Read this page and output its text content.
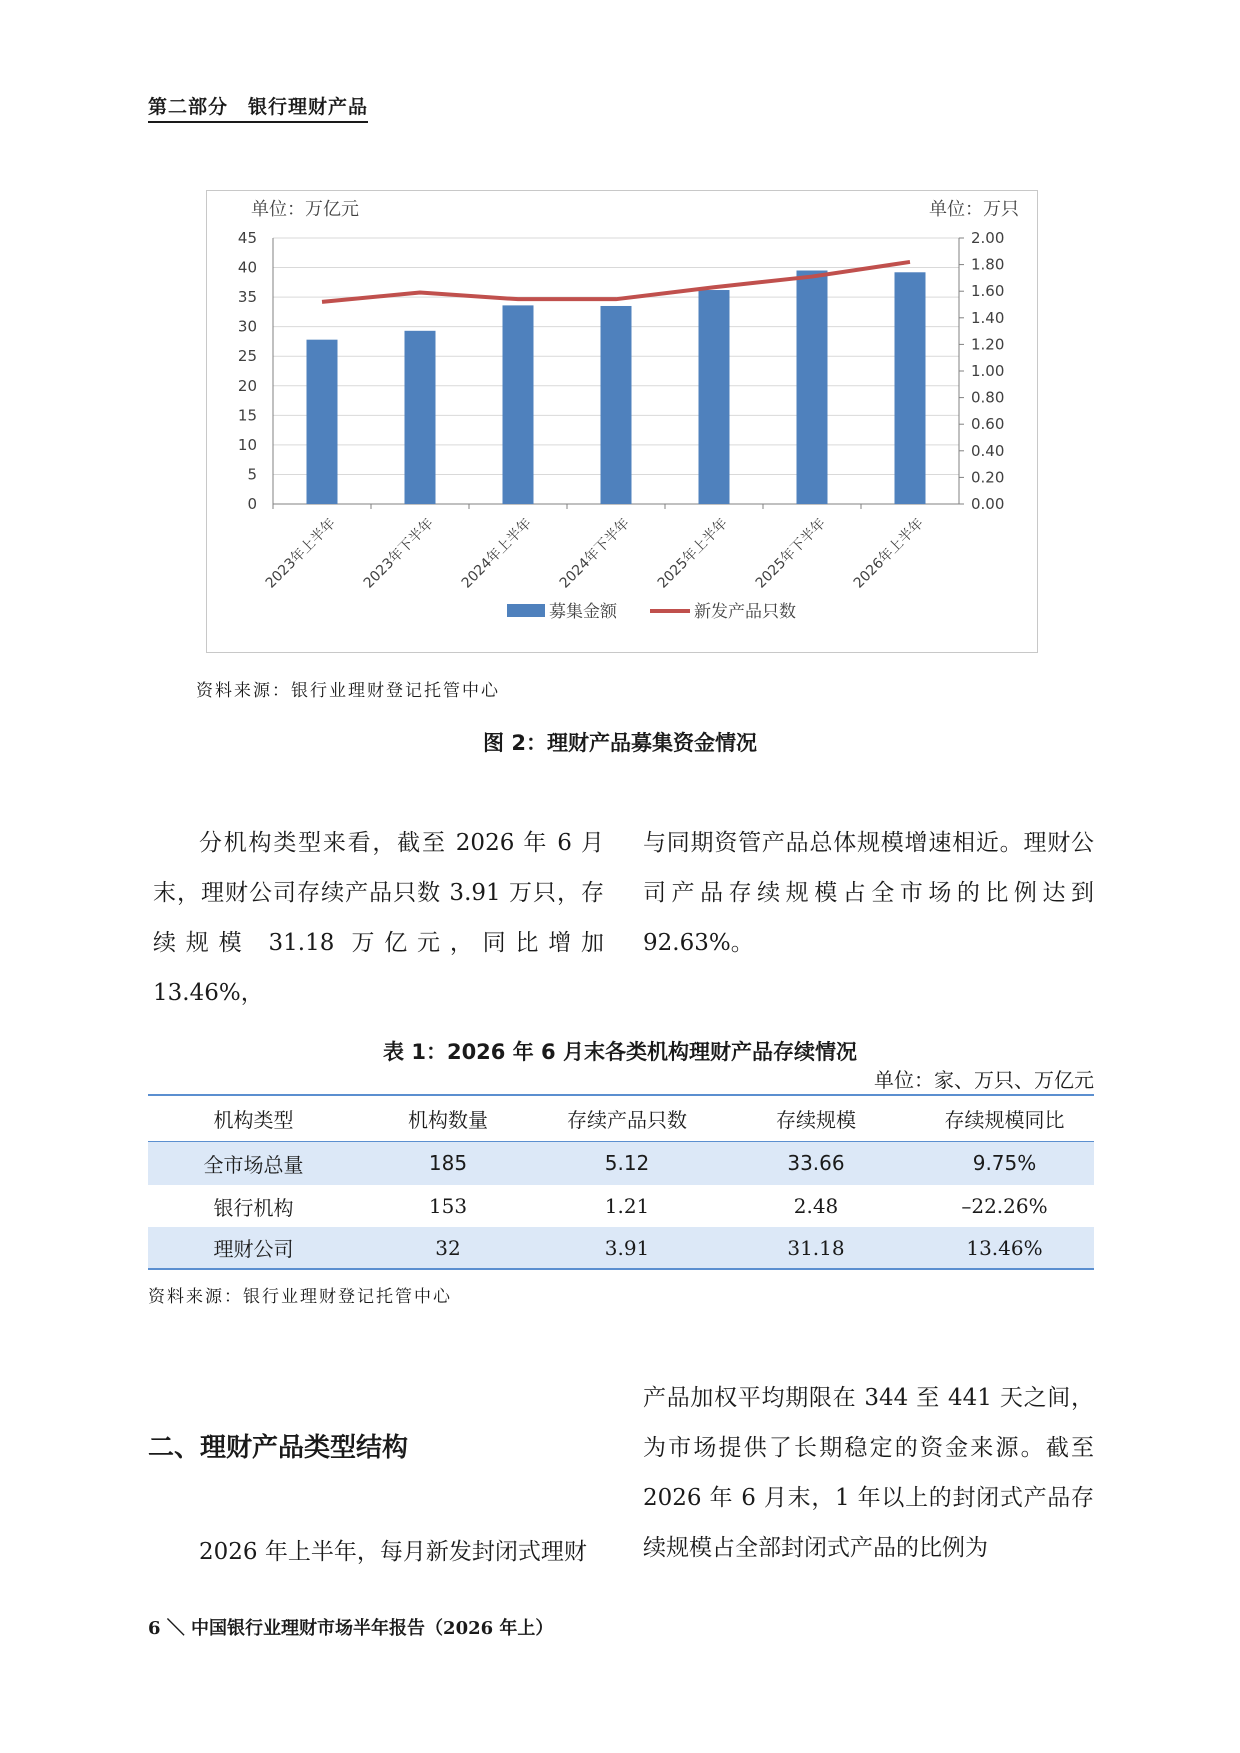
第二部分　银行理财产品
0
5
10
15
20
25
30
35
40
45
0.00
0.20
0.40
0.60
0.80
1.00
1.20
1.40
1.60
1.80
2.00
单位：万亿元	单位：万只
2023年上半年 2023年下半年 2024年上半年 2024年下半年 2025年上半年 2025年下半年 2026年上半年
募集金额	新发产品只数
资料来源：银行业理财登记托管中心
图 2：理财产品募集资金情况
分机构类型来看，截至 2026 年 6 月末，理财公司存续产品只数 3.91 万只，存续规模 31.18 万亿元，同比增加 13.46%，
与同期资管产品总体规模增速相近。理财公司产品存续规模占全市场的比例达到 92.63%。
表 1：2026 年 6 月末各类机构理财产品存续情况
单位：家、万只、万亿元
机构类型	机构数量	存续产品只数	存续规模	存续规模同比
全市场总量	185	5.12	33.66	9.75%
银行机构	153	1.21	2.48	–22.26%
理财公司	32	3.91	31.18	13.46%
资料来源：银行业理财登记托管中心
产品加权平均期限在 344 至 441 天之间，为市场提供了长期稳定的资金来源。截至 2026 年 6 月末，1 年以上的封闭式产品存续规模占全部封闭式产品的比例为
二、理财产品类型结构
2026 年上半年，每月新发封闭式理财
6 ＼ 中国银行业理财市场半年报告（2026 年上）
